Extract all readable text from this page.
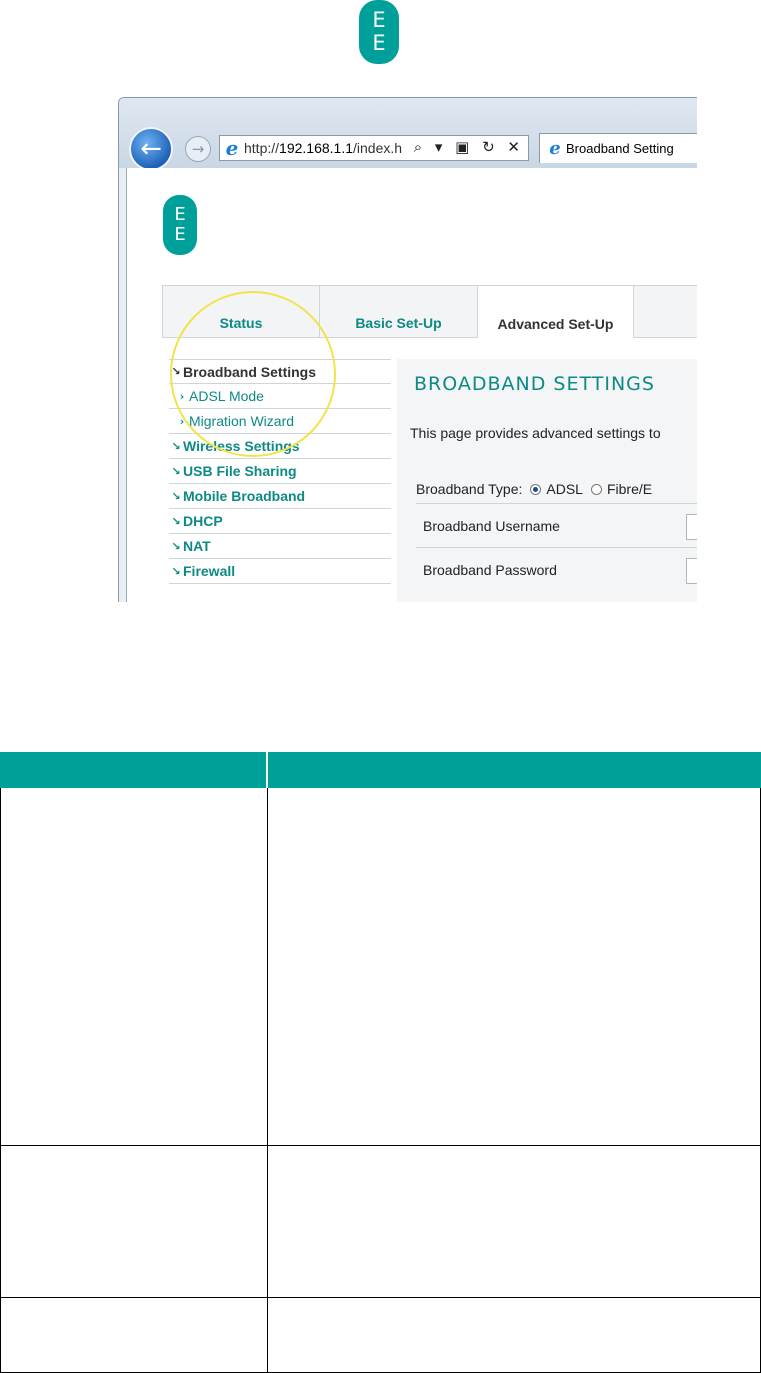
E
E
← → e http://192.168.1.1/index.h ⌕ ▾ ▣ ↻ ✕ e Broadband Setting
E
E
Status	Basic Set-Up	Advanced Set-Up
↘ Broadband Settings
› ADSL Mode
› Migration Wizard
↘ Wireless Settings
↘ USB File Sharing
↘ Mobile Broadband
↘ DHCP
↘ NAT
↘ Firewall
BROADBAND SETTINGS
This page provides advanced settings to
Broadband Type: ADSL Fibre/E
Broadband Username
Broadband Password
